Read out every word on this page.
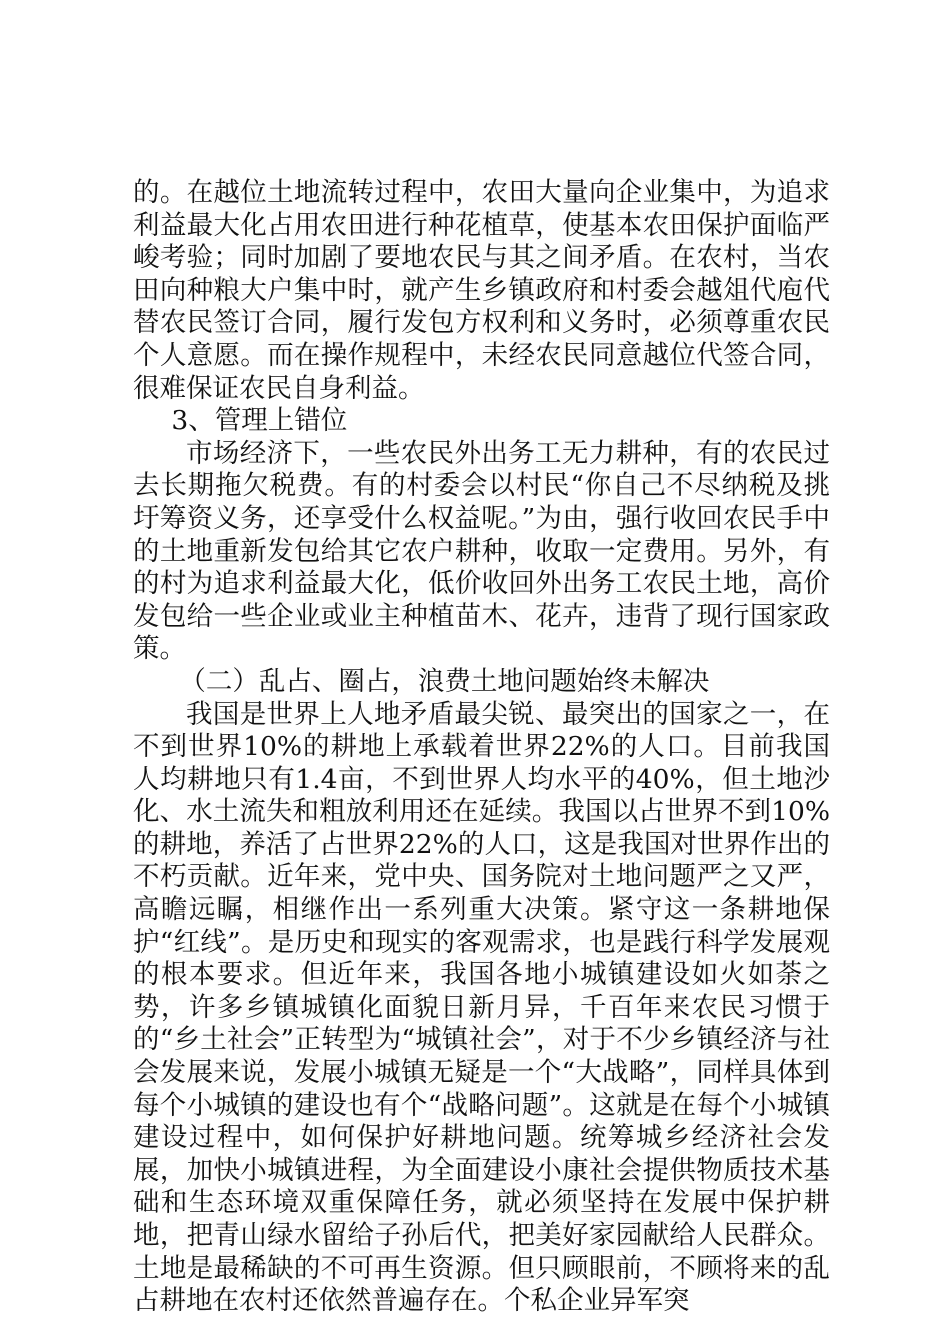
的。在越位土地流转过程中，农田大量向企业集中，为追求利益最大化占用农田进行种花植草，使基本农田保护面临严峻考验；同时加剧了要地农民与其之间矛盾。在农村，当农田向种粮大户集中时，就产生乡镇政府和村委会越俎代庖代替农民签订合同，履行发包方权利和义务时，必须尊重农民个人意愿。而在操作规程中，未经农民同意越位代签合同，很难保证农民自身利益。

3、管理上错位

市场经济下，一些农民外出务工无力耕种，有的农民过去长期拖欠税费。有的村委会以村民“你自己不尽纳税及挑圩筹资义务，还享受什么权益呢。”为由，强行收回农民手中的土地重新发包给其它农户耕种，收取一定费用。另外，有的村为追求利益最大化，低价收回外出务工农民土地，高价发包给一些企业或业主种植苗木、花卉，违背了现行国家政策。

（二）乱占、圈占，浪费土地问题始终未解决

我国是世界上人地矛盾最尖锐、最突出的国家之一，在不到世界10%的耕地上承载着世界22%的人口。目前我国人均耕地只有1.4亩，不到世界人均水平的40%，但土地沙化、水土流失和粗放利用还在延续。我国以占世界不到10%的耕地，养活了占世界22%的人口，这是我国对世界作出的不朽贡献。近年来，党中央、国务院对土地问题严之又严，高瞻远瞩，相继作出一系列重大决策。紧守这一条耕地保护“红线”。是历史和现实的客观需求，也是践行科学发展观的根本要求。但近年来，我国各地小城镇建设如火如荼之势，许多乡镇城镇化面貌日新月异，千百年来农民习惯于的“乡土社会”正转型为“城镇社会”，对于不少乡镇经济与社会发展来说，发展小城镇无疑是一个“大战略”，同样具体到每个小城镇的建设也有个“战略问题”。这就是在每个小城镇建设过程中，如何保护好耕地问题。统筹城乡经济社会发展，加快小城镇进程，为全面建设小康社会提供物质技术基础和生态环境双重保障任务，就必须坚持在发展中保护耕地，把青山绿水留给子孙后代，把美好家园献给人民群众。土地是最稀缺的不可再生资源。但只顾眼前，不顾将来的乱占耕地在农村还依然普遍存在。个私企业异军突
